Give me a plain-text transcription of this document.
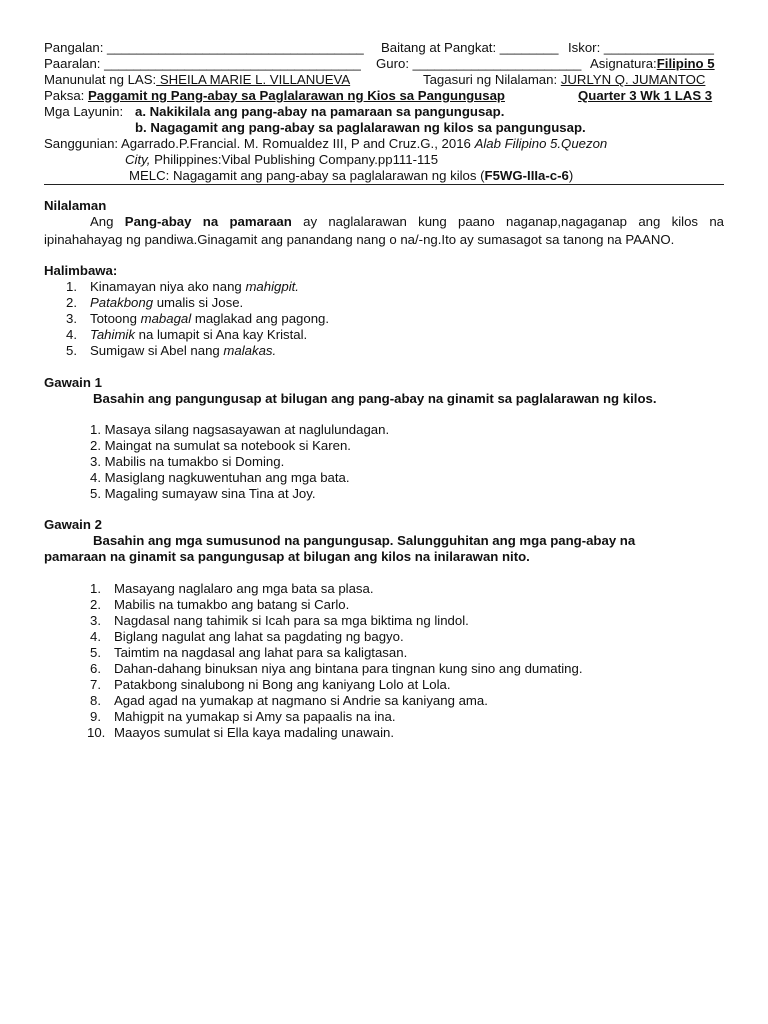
Pangalan: ___________________________________ Baitang at Pangkat: ________ Iskor: _______________
Paaralan: ___________________________________ Guro: _______________________ Asignatura:Filipino 5
Manunulat ng LAS: SHEILA MARIE L. VILLANUEVA	Tagasuri ng Nilalaman: JURLYN Q. JUMANTOC
Paksa: Paggamit ng Pang-abay sa Paglalarawan ng Kios sa Pangungusap	Quarter 3 Wk 1 LAS 3
Mga Layunin: a. Nakikilala ang pang-abay na pamaraan sa pangungusap.
b. Nagagamit ang pang-abay sa paglalarawan ng kilos sa pangungusap.
Sanggunian: Agarrado.P.Francial. M. Romualdez III, P and Cruz.G., 2016 Alab Filipino 5.Quezon
City, Philippines:Vibal Publishing Company.pp111-115
MELC: Nagagamit ang pang-abay sa paglalarawan ng kilos (F5WG-IIIa-c-6)
Nilalaman
Ang Pang-abay na pamaraan ay naglalarawan kung paano naganap,nagaganap ang kilos na
ipinahahayag ng pandiwa.Ginagamit ang panandang nang o na/-ng.Ito ay sumasagot sa tanong na PAANO.
Halimbawa:
1. Kinamayan niya ako nang mahigpit.
2. Patakbong umalis si Jose.
3. Totoong mabagal maglakad ang pagong.
4. Tahimik na lumapit si Ana kay Kristal.
5. Sumigaw si Abel nang malakas.
Gawain 1
Basahin ang pangungusap at bilugan ang pang-abay na ginamit sa paglalarawan ng kilos.
1. Masaya silang nagsasayawan at naglulundagan.
2. Maingat na sumulat sa notebook si Karen.
3. Mabilis na tumakbo si Doming.
4. Masiglang nagkuwentuhan ang mga bata.
5. Magaling sumayaw sina Tina at Joy.
Gawain 2
Basahin ang mga sumusunod na pangungusap. Salungguhitan ang mga pang-abay na
pamaraan na ginamit sa pangungusap at bilugan ang kilos na inilarawan nito.
1. Masayang naglalaro ang mga bata sa plasa.
2. Mabilis na tumakbo ang batang si Carlo.
3. Nagdasal nang tahimik si Icah para sa mga biktima ng lindol.
4. Biglang nagulat ang lahat sa pagdating ng bagyo.
5. Taimtim na nagdasal ang lahat para sa kaligtasan.
6. Dahan-dahang binuksan niya ang bintana para tingnan kung sino ang dumating.
7. Patakbong sinalubong ni Bong ang kaniyang Lolo at Lola.
8. Agad agad na yumakap at nagmano si Andrie sa kaniyang ama.
9. Mahigpit na yumakap si Amy sa papaalis na ina.
10. Maayos sumulat si Ella kaya madaling unawain.
